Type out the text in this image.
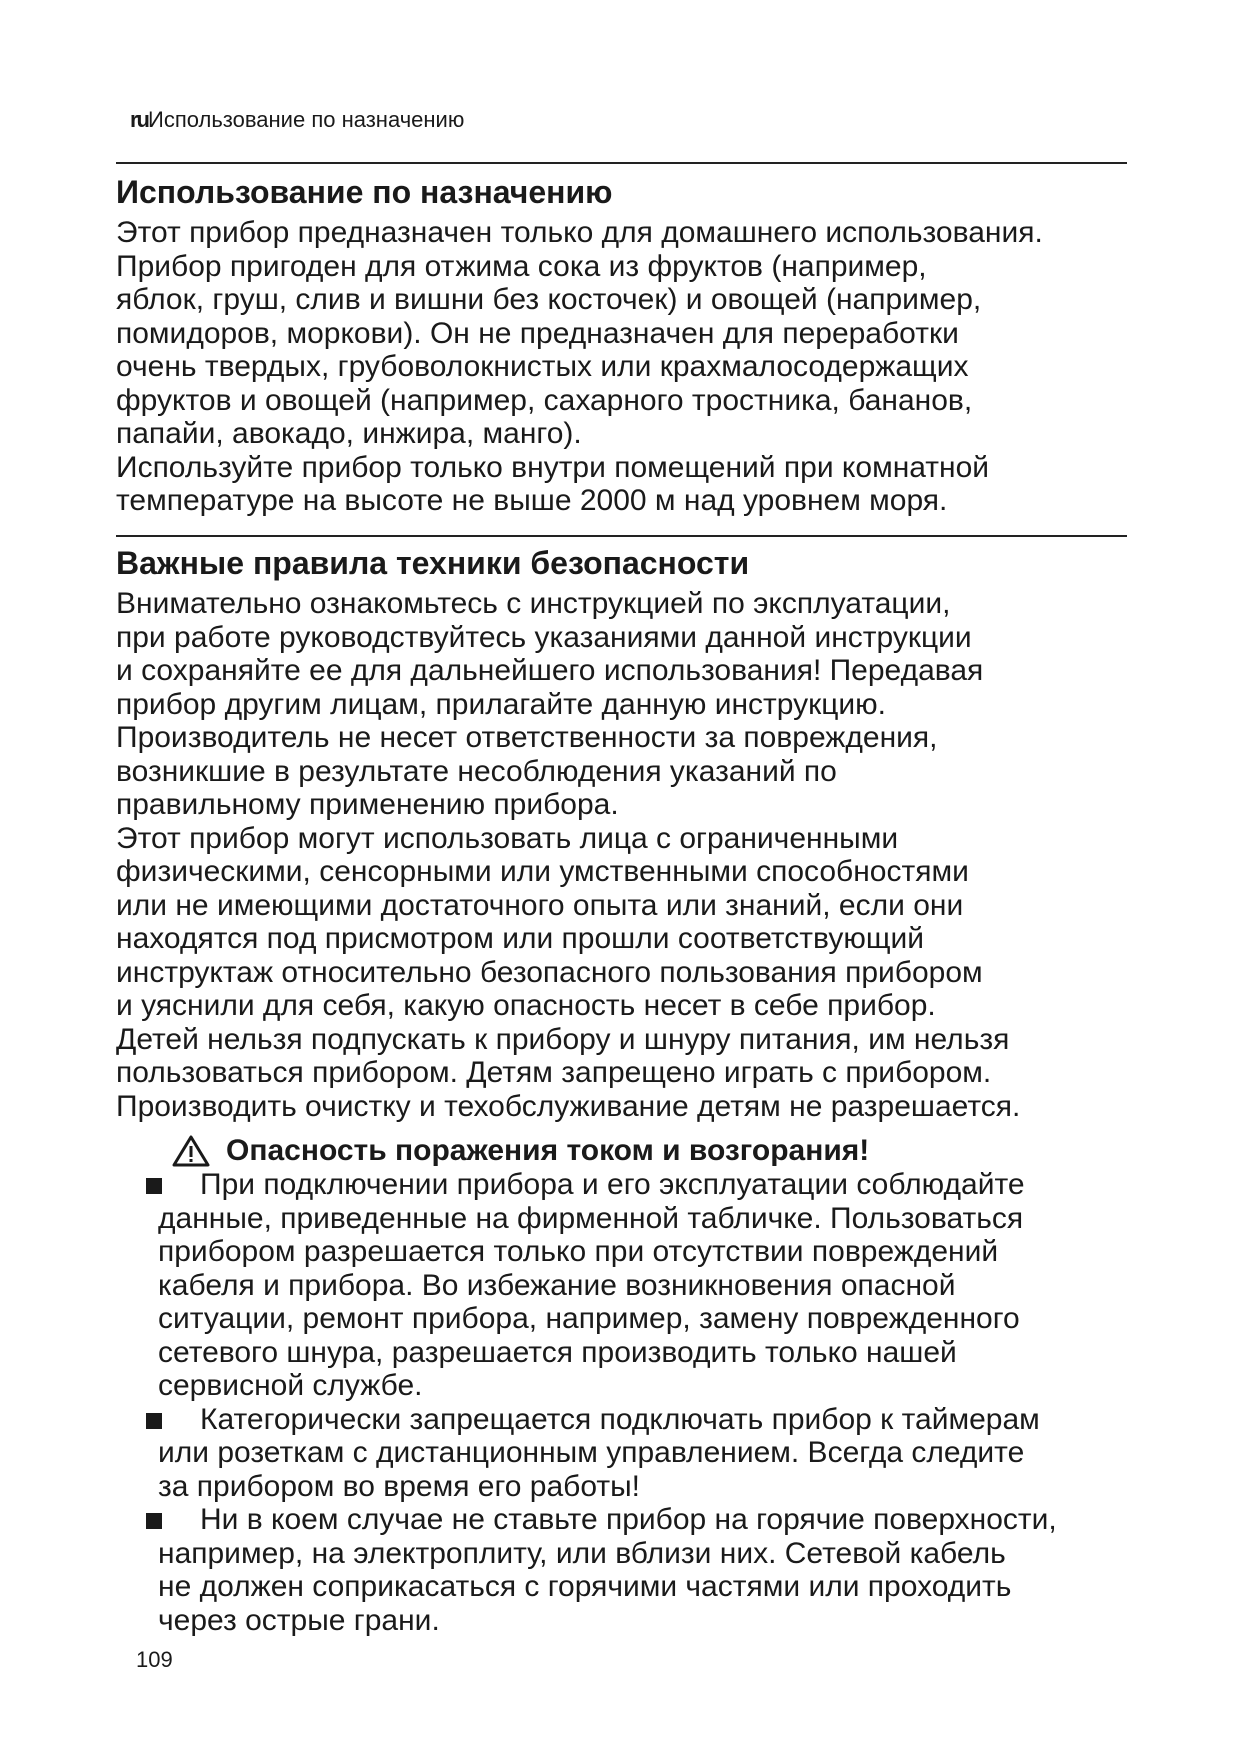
ruИспользование по назначению
Использование по назначению
Этот прибор предназначен только для домашнего использования.
Прибор пригоден для отжима сока из фруктов (например,
яблок, груш, слив и вишни без косточек) и овощей (например,
помидоров, моркови). Он не предназначен для переработки
очень твердых, грубоволокнистых или крахмалосодержащих
фруктов и овощей (например, сахарного тростника, бананов,
папайи, авокадо, инжира, манго).
Используйте прибор только внутри помещений при комнатной
температуре на высоте не выше 2000 м над уровнем моря.
Важные правила техники безопасности
Внимательно ознакомьтесь с инструкцией по эксплуатации,
при работе руководствуйтесь указаниями данной инструкции
и сохраняйте ее для дальнейшего использования! Передавая
прибор другим лицам, прилагайте данную инструкцию.
Производитель не несет ответственности за повреждения,
возникшие в результате несоблюдения указаний по
правильному применению прибора.
Этот прибор могут использовать лица с ограниченными
физическими, сенсорными или умственными способностями
или не имеющими достаточного опыта или знаний, если они
находятся под присмотром или прошли соответствующий
инструктаж относительно безопасного пользования прибором
и уяснили для себя, какую опасность несет в себе прибор.
Детей нельзя подпускать к прибору и шнуру питания, им нельзя
пользоваться прибором. Детям запрещено играть с прибором.
Производить очистку и техобслуживание детям не разрешается.
Опасность поражения током и возгорания!
При подключении прибора и его эксплуатации соблюдайте
данные, приведенные на фирменной табличке. Пользоваться
прибором разрешается только при отсутствии повреждений
кабеля и прибора. Во избежание возникновения опасной
ситуации, ремонт прибора, например, замену поврежденного
сетевого шнура, разрешается производить только нашей
сервисной службе.
Категорически запрещается подключать прибор к таймерам
или розеткам с дистанционным управлением. Всегда следите
за прибором во время его работы!
Ни в коем случае не ставьте прибор на горячие поверхности,
например, на электроплиту, или вблизи них. Сетевой кабель
не должен соприкасаться с горячими частями или проходить
через острые грани.
109
